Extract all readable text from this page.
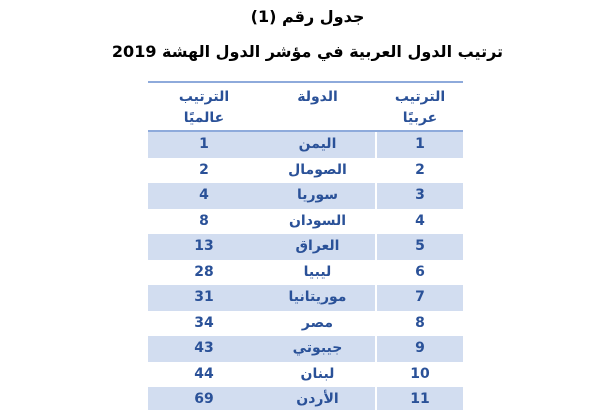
جدول رقم (1)
ترتيب الدول العربية في مؤشر الدول الهشة 2019
الترتيب عربيًا
الدولة
الترتيب عالميًا
1
اليمن
1
2
الصومال
2
3
سوريا
4
4
السودان
8
5
العراق
13
6
ليبيا
28
7
موريتانيا
31
8
مصر
34
9
جيبوتي
43
10
لبنان
44
11
الأردن
69
